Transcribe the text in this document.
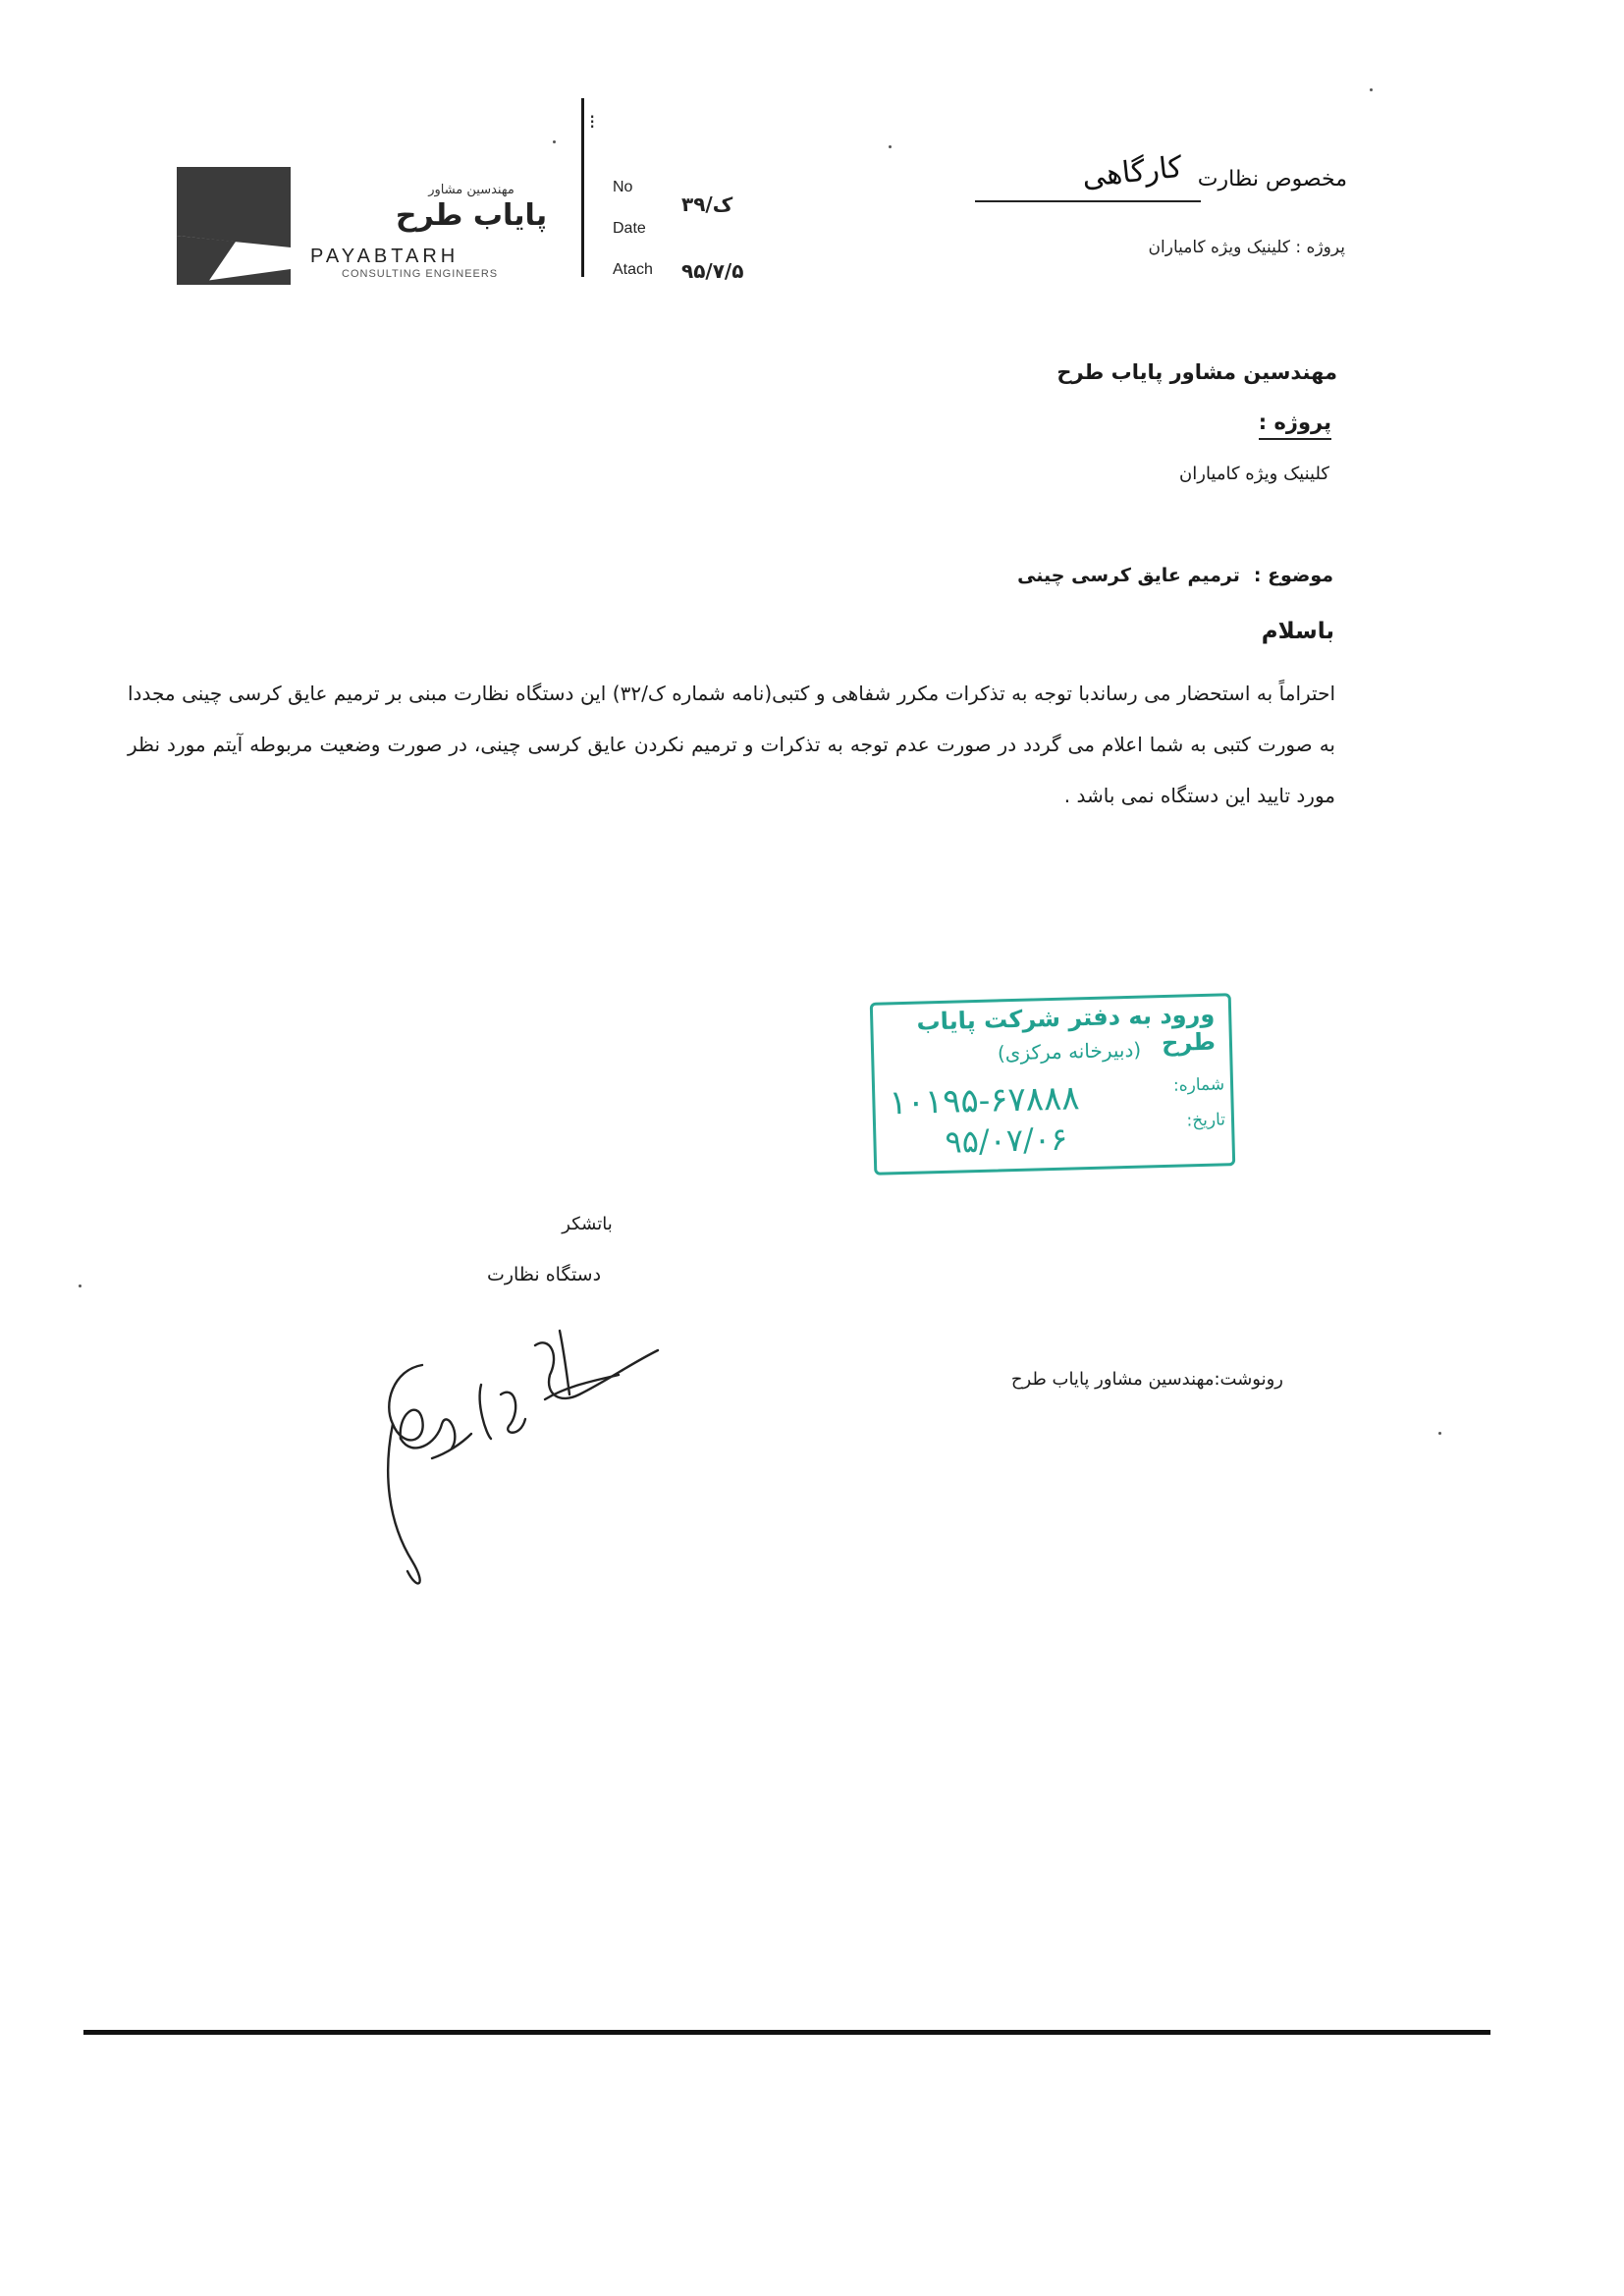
مهندسین مشاور
پایاب طرح
PAYABTARH
CONSULTING ENGINEERS
⁝
No
ک/۳۹
Date
Atach ۹۵/۷/۵
مخصوص نظارت
کارگاهی
پروژه : کلینیک ویژه کامیاران
مهندسین مشاور پایاب طرح
پروژه :
کلینیک ویژه کامیاران
موضوع :ترمیم عایق کرسی چینی
باسلام
احتراماً به استحضار می رساندبا توجه به تذکرات مکرر شفاهی و کتبی(نامه شماره ک/۳۲) این دستگاه نظارت مبنی بر ترمیم عایق کرسی چینی مجددا به صورت کتبی به شما اعلام می گردد در صورت عدم توجه به تذکرات و ترمیم نکردن عایق کرسی چینی، در صورت وضعیت مربوطه آیتم مورد نظر مورد تایید این دستگاه نمی باشد .
ورود به دفتر شرکت پایاب طرح
(دبیرخانه مرکزی)
شماره:
تاریخ:
۱۰۱۹۵-۶۷۸۸۸
۹۵/۰۷/۰۶
باتشکر
دستگاه نظارت
رونوشت:مهندسین مشاور پایاب طرح
